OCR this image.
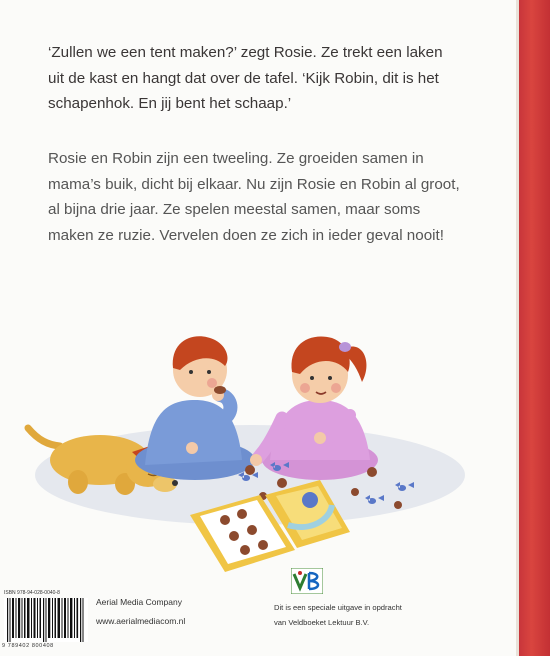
‘Zullen we een tent maken?’ zegt Rosie. Ze trekt een laken
uit de kast en hangt dat over de tafel. ‘Kijk Robin, dit is het
schapenhok. En jij bent het schaap.’

Rosie en Robin zijn een tweeling. Ze groeiden samen in
mama’s buik, dicht bij elkaar. Nu zijn Rosie en Robin al groot,
al bijna drie jaar. Ze spelen meestal samen, maar soms
maken ze ruzie. Vervelen doen ze zich in ieder geval nooit!

ISBN 978-94-028-0040-8
9 789402 800408
Aerial Media Company
www.aerialmediacom.nl
Dit is een speciale uitgave in opdracht
van Veldboeket Lektuur B.V.
